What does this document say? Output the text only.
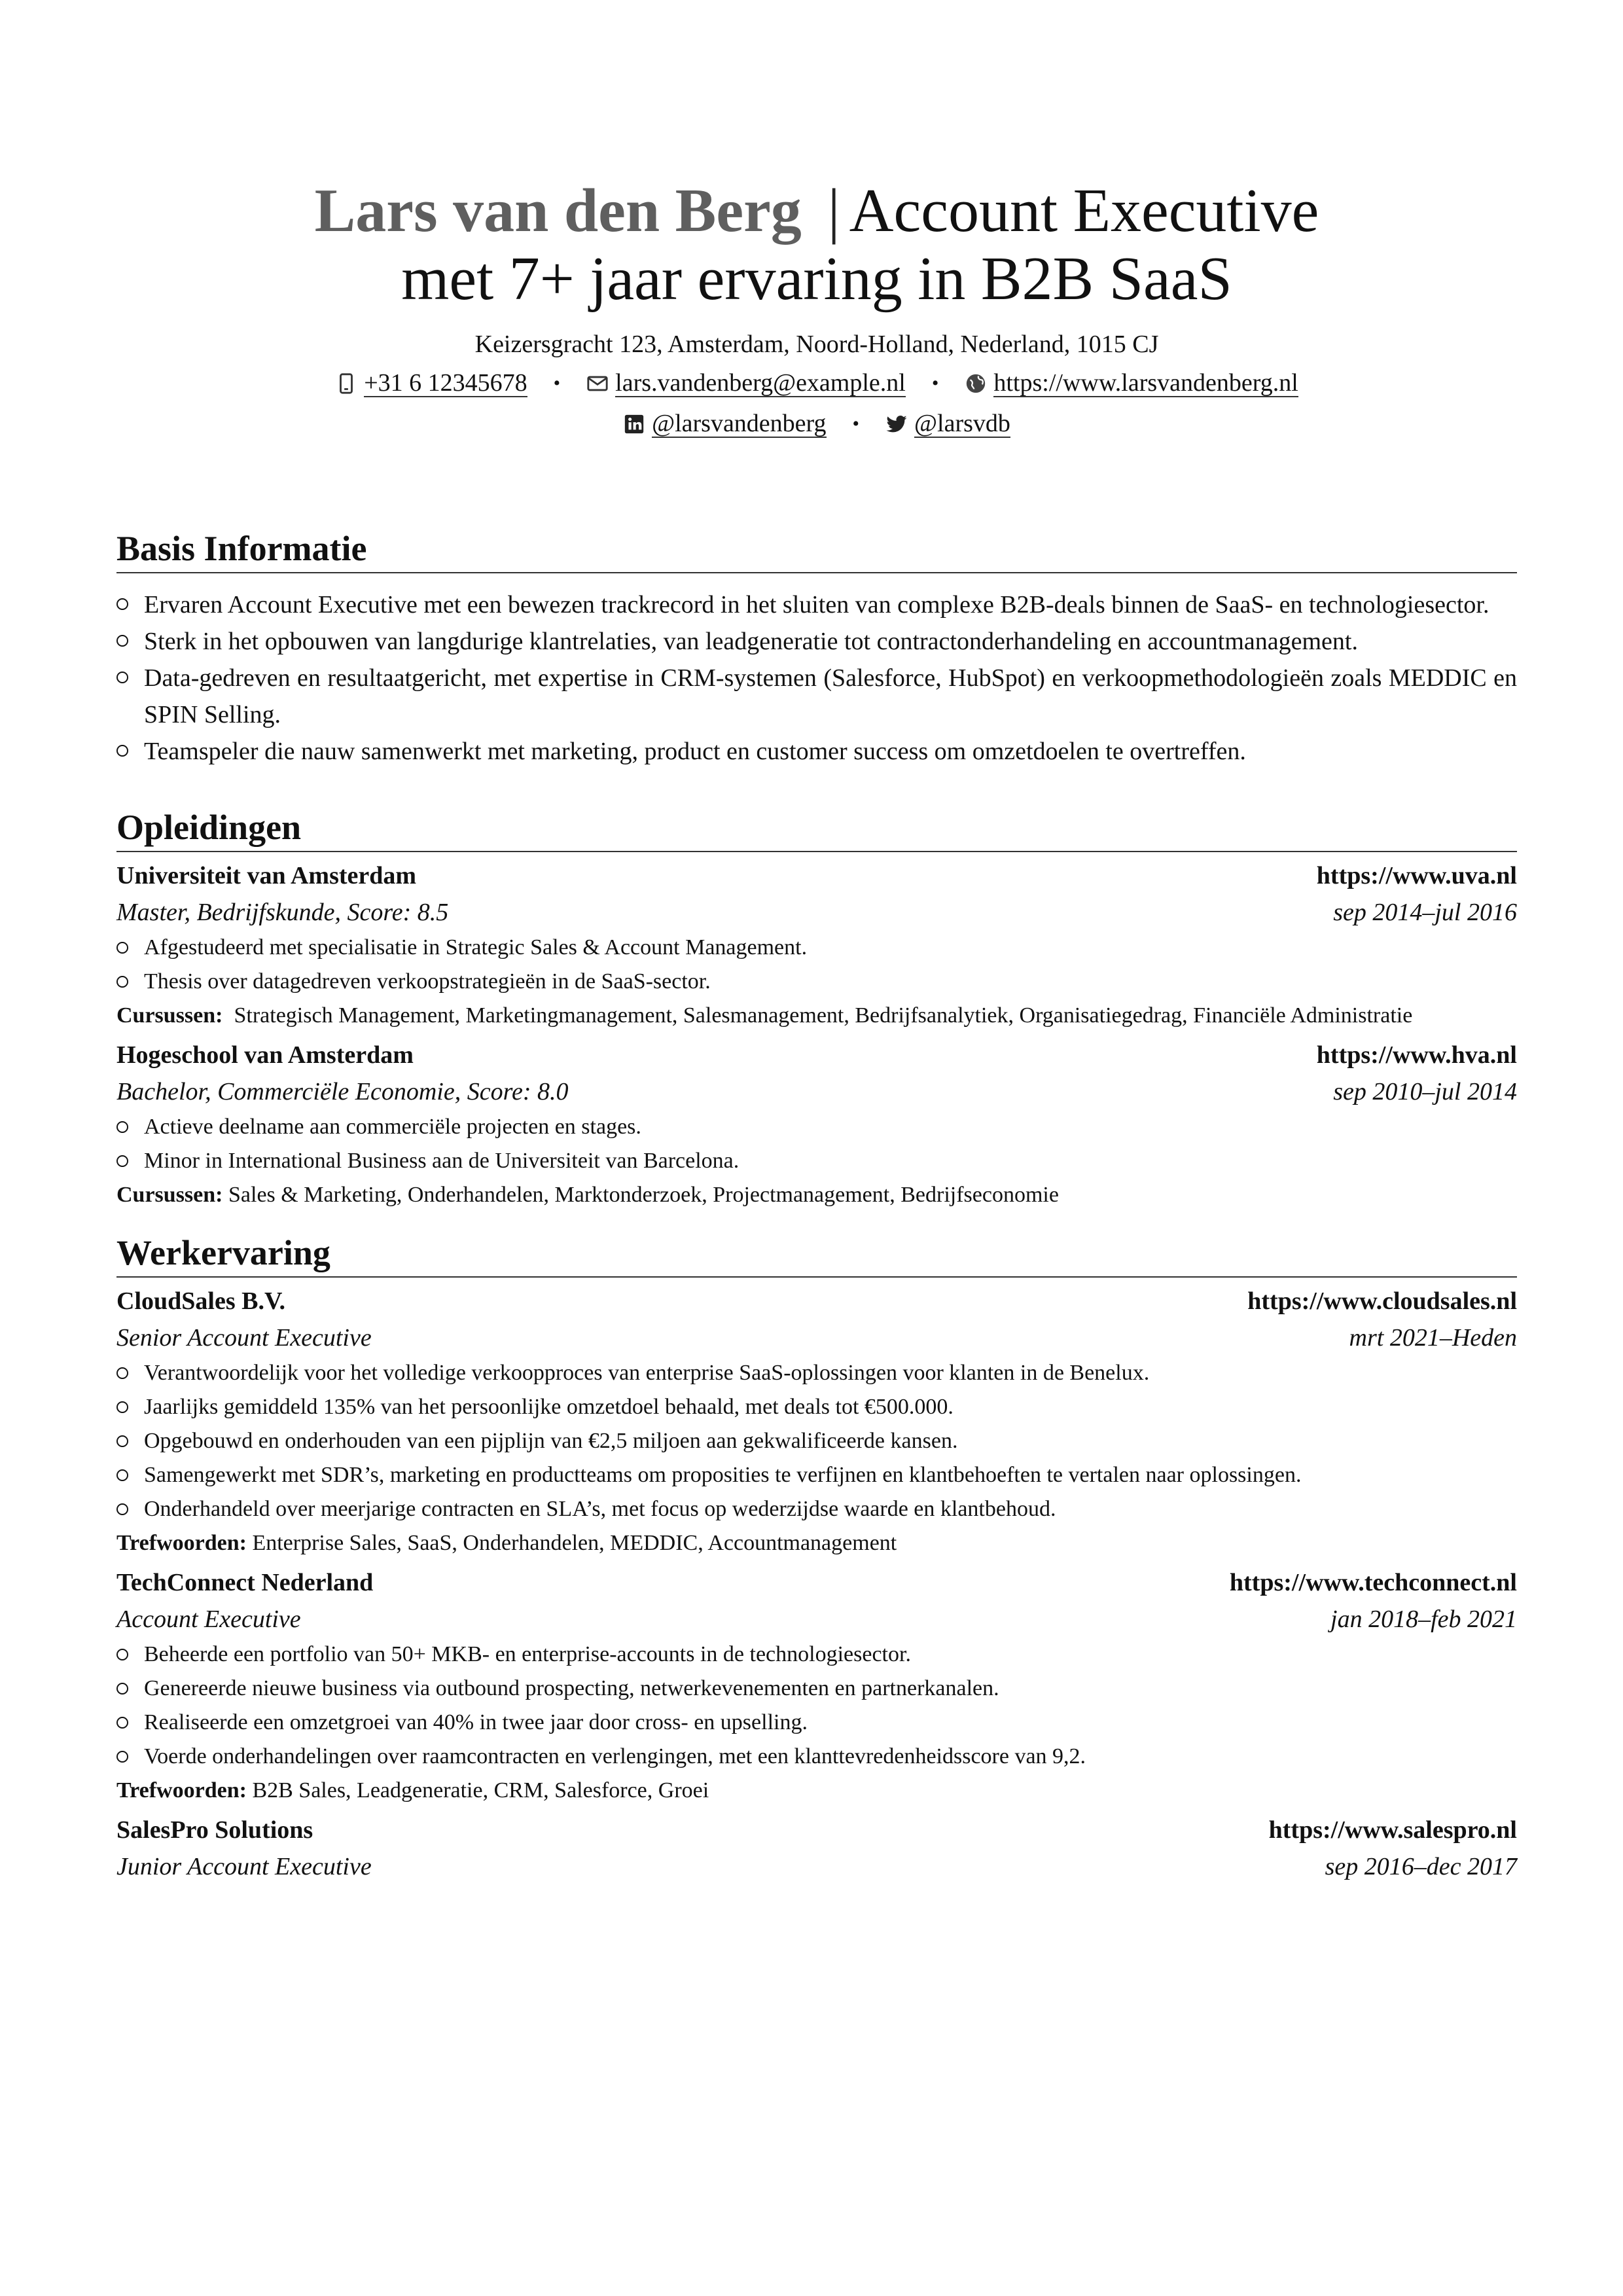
Lars van den Berg | Account Executive
met 7+ jaar ervaring in B2B SaaS
Keizersgracht 123, Amsterdam, Noord-Holland, Nederland, 1015 CJ
+31 6 12345678 • lars.vandenberg@example.nl • https://www.larsvandenberg.nl
@larsvandenberg • @larsvdb
Basis Informatie
Ervaren Account Executive met een bewezen trackrecord in het sluiten van complexe B2B-deals binnen de SaaS- en technologiesector.
Sterk in het opbouwen van langdurige klantrelaties, van leadgeneratie tot contractonderhandeling en accountmanagement.
Data-gedreven en resultaatgericht, met expertise in CRM-systemen (Salesforce, HubSpot) en verkoopmethodologieën zoals MEDDIC en SPIN Selling.
Teamspeler die nauw samenwerkt met marketing, product en customer success om omzetdoelen te overtreffen.
Opleidingen
Universiteit van Amsterdam	https://www.uva.nl
Master, Bedrijfskunde, Score: 8.5	sep 2014–jul 2016
Afgestudeerd met specialisatie in Strategic Sales & Account Management.
Thesis over datagedreven verkoopstrategieën in de SaaS-sector.
Cursussen: Strategisch Management, Marketingmanagement, Salesmanagement, Bedrijfsanalytiek, Organisatiegedrag, Financiële Administratie
Hogeschool van Amsterdam	https://www.hva.nl
Bachelor, Commerciële Economie, Score: 8.0	sep 2010–jul 2014
Actieve deelname aan commerciële projecten en stages.
Minor in International Business aan de Universiteit van Barcelona.
Cursussen: Sales & Marketing, Onderhandelen, Marktonderzoek, Projectmanagement, Bedrijfseconomie
Werkervaring
CloudSales B.V.	https://www.cloudsales.nl
Senior Account Executive	mrt 2021–Heden
Verantwoordelijk voor het volledige verkoopproces van enterprise SaaS-oplossingen voor klanten in de Benelux.
Jaarlijks gemiddeld 135% van het persoonlijke omzetdoel behaald, met deals tot €500.000.
Opgebouwd en onderhouden van een pijplijn van €2,5 miljoen aan gekwalificeerde kansen.
Samengewerkt met SDR’s, marketing en productteams om proposities te verfijnen en klantbehoeften te vertalen naar oplossingen.
Onderhandeld over meerjarige contracten en SLA’s, met focus op wederzijdse waarde en klantbehoud.
Trefwoorden: Enterprise Sales, SaaS, Onderhandelen, MEDDIC, Accountmanagement
TechConnect Nederland	https://www.techconnect.nl
Account Executive	jan 2018–feb 2021
Beheerde een portfolio van 50+ MKB- en enterprise-accounts in de technologiesector.
Genereerde nieuwe business via outbound prospecting, netwerkevenementen en partnerkanalen.
Realiseerde een omzetgroei van 40% in twee jaar door cross- en upselling.
Voerde onderhandelingen over raamcontracten en verlengingen, met een klanttevredenheidsscore van 9,2.
Trefwoorden: B2B Sales, Leadgeneratie, CRM, Salesforce, Groei
SalesPro Solutions	https://www.salespro.nl
Junior Account Executive	sep 2016–dec 2017
